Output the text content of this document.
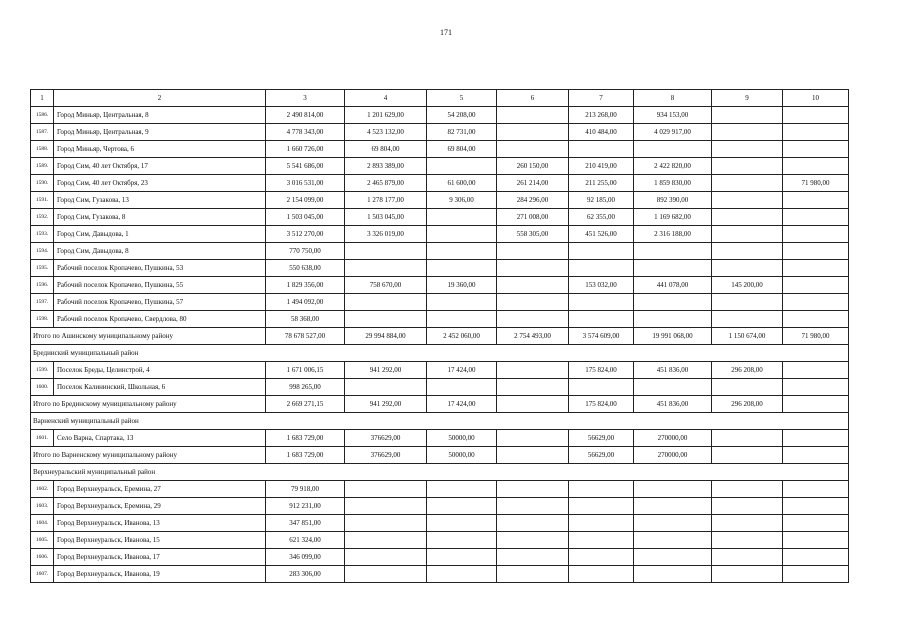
171
1	2	3	4	5	6	7	8	9	10
1586.	Город Миньяр, Центральная, 8	2 490 814,00	1 201 629,00	54 208,00		213 268,00	934 153,00		
1587.	Город Миньяр, Центральная, 9	4 778 343,00	4 523 132,00	82 731,00		410 484,00	4 029 917,00		
1588.	Город Миньяр, Чертова, 6	1 660 726,00	69 804,00	69 804,00					
1589.	Город Сим, 40 лет Октября, 17	5 541 686,00	2 893 389,00		260 150,00	210 419,00	2 422 820,00		
1590.	Город Сим, 40 лет Октября, 23	3 016 531,00	2 465 879,00	61 600,00	261 214,00	211 255,00	1 859 830,00		71 980,00
1591.	Город Сим, Гузакова, 13	2 154 099,00	1 278 177,00	9 306,00	284 296,00	92 185,00	892 390,00		
1592.	Город Сим, Гузакова, 8	1 503 045,00	1 503 045,00		271 008,00	62 355,00	1 169 682,00		
1593.	Город Сим, Давыдова, 1	3 512 270,00	3 326 019,00		558 305,00	451 526,00	2 316 188,00		
1594.	Город Сим, Давыдова, 8	770 750,00							
1595.	Рабочий поселок Кропачево, Пушкина, 53	550 638,00							
1596.	Рабочий поселок Кропачево, Пушкина, 55	1 829 356,00	758 670,00	19 360,00		153 032,00	441 078,00	145 200,00	
1597.	Рабочий поселок Кропачево, Пушкина, 57	1 494 092,00							
1598.	Рабочий поселок Кропачево, Свердлова, 80	58 368,00							
Итого по Ашинскому муниципальному району		78 678 527,00	29 994 884,00	2 452 060,00	2 754 493,00	3 574 609,00	19 991 068,00	1 150 674,00	71 980,00
Бредииский муниципальный район									
1599.	Поселок Бреды, Целинстрой, 4	1 671 006,15	941 292,00	17 424,00		175 824,00	451 836,00	296 208,00	
1600.	Поселок Калининский, Школьная, 6	998 265,00							
Итого по Брединскому муниципальному району		2 669 271,15	941 292,00	17 424,00		175 824,00	451 836,00	296 208,00	
Варненский муниципальный район									
1601.	Село Варна, Спартака, 13	1 683 729,00	376629,00	50000,00		56629,00	270000,00		
Итого по Варненскому муниципальному району		1 683 729,00	376629,00	50000,00		56629,00	270000,00		
Верхнеуральский муниципальный район									
1602.	Город Верхнеуральск, Еремина, 27	79 918,00							
1603.	Город Верхнеуральск, Еремина, 29	912 231,00							
1604.	Город Верхнеуральск, Иванова, 13	347 851,00							
1605.	Город Верхнеуральск, Иванова, 15	621 324,00							
1606.	Город Верхнеуральск, Иванова, 17	346 099,00							
1607.	Город Верхнеуральск, Иванова, 19	283 306,00							
